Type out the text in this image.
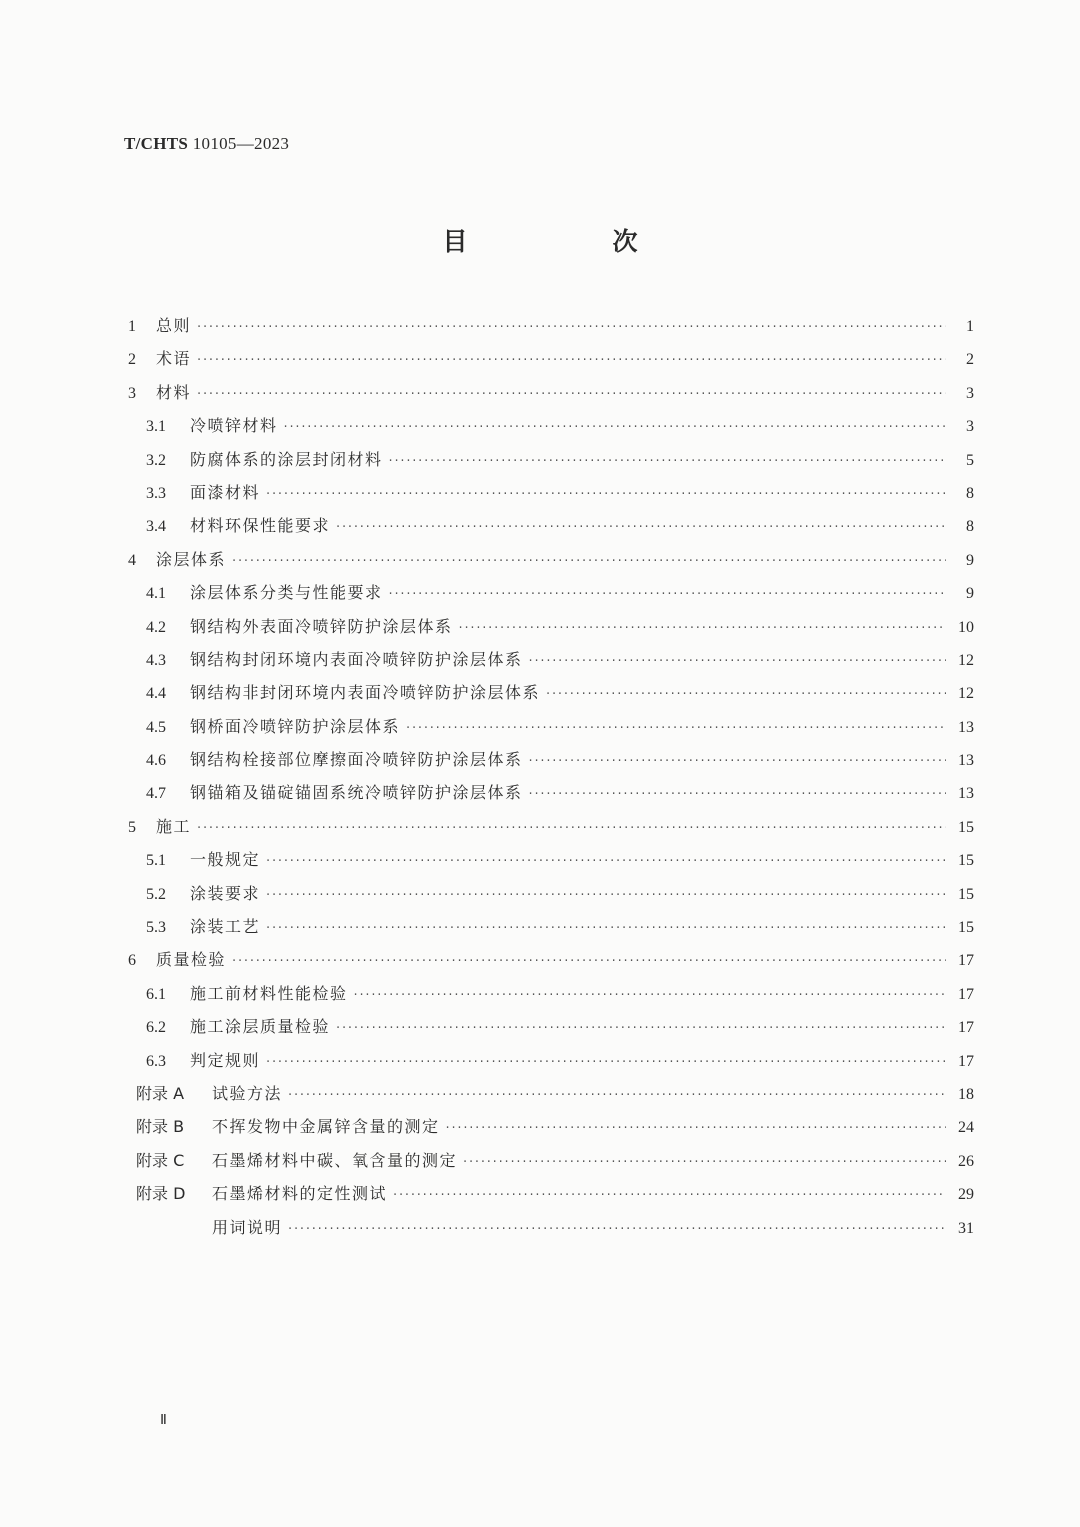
T/CHTS 10105—2023
目　次
1	总则 ·····	1
2	术语 ·····	2
3	材料 ·····	3
3.1	冷喷锌材料 ·····	3
3.2	防腐体系的涂层封闭材料 ·····	5
3.3	面漆材料 ·····	8
3.4	材料环保性能要求 ·····	8
4	涂层体系 ·····	9
4.1	涂层体系分类与性能要求 ·····	9
4.2	钢结构外表面冷喷锌防护涂层体系 ·····	10
4.3	钢结构封闭环境内表面冷喷锌防护涂层体系 ·····	12
4.4	钢结构非封闭环境内表面冷喷锌防护涂层体系 ·····	12
4.5	钢桥面冷喷锌防护涂层体系 ·····	13
4.6	钢结构栓接部位摩擦面冷喷锌防护涂层体系 ·····	13
4.7	钢锚箱及锚碇锚固系统冷喷锌防护涂层体系 ·····	13
5	施工 ·····	15
5.1	一般规定 ·····	15
5.2	涂装要求 ·····	15
5.3	涂装工艺 ·····	15
6	质量检验 ·····	17
6.1	施工前材料性能检验 ·····	17
6.2	施工涂层质量检验 ·····	17
6.3	判定规则 ·····	17
附录 A	试验方法 ·····	18
附录 B	不挥发物中金属锌含量的测定 ·····	24
附录 C	石墨烯材料中碳、氧含量的测定 ·····	26
附录 D	石墨烯材料的定性测试 ·····	29
用词说明 ·····	31
Ⅱ
